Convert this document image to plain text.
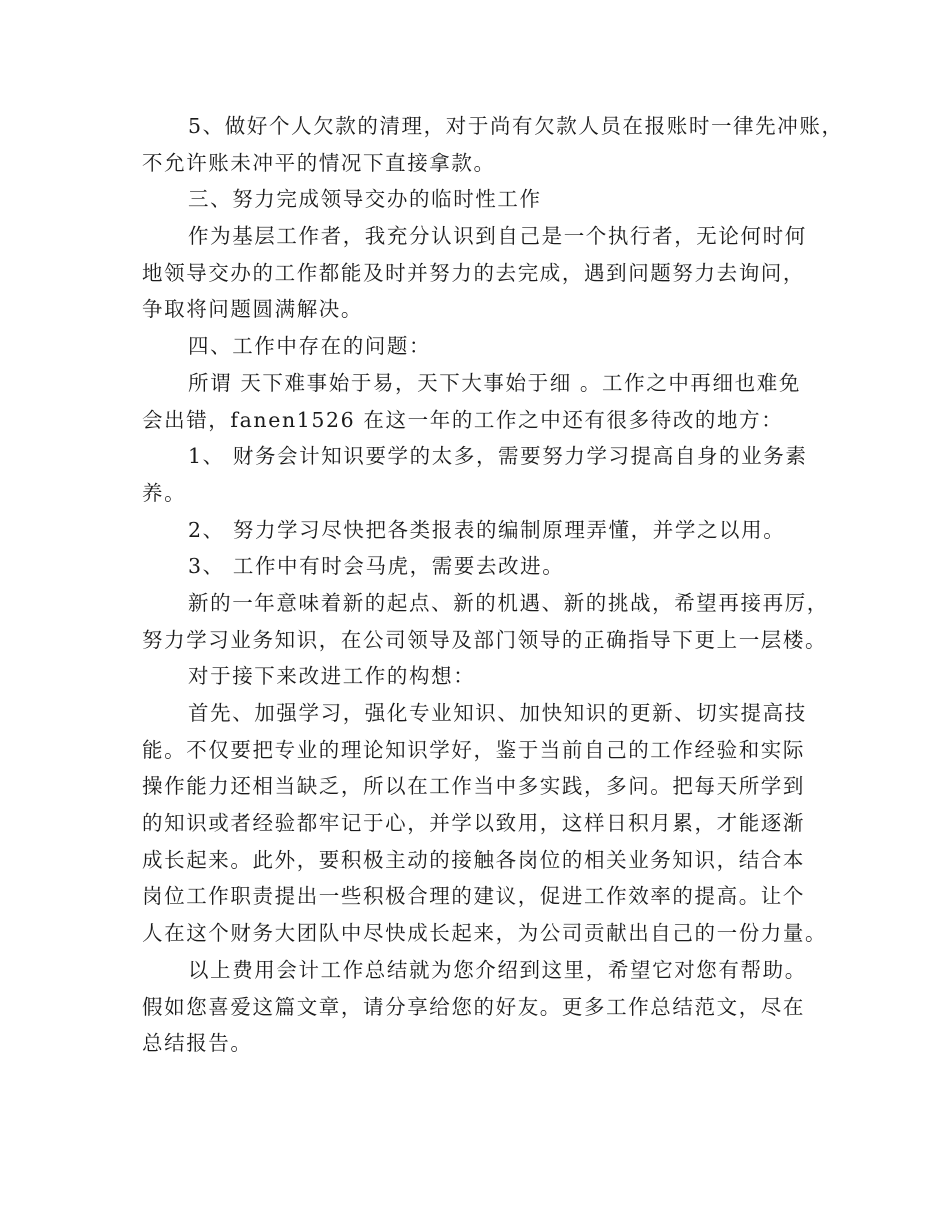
5、做好个人欠款的清理，对于尚有欠款人员在报账时一律先冲账，
不允许账未冲平的情况下直接拿款。
三、努力完成领导交办的临时性工作
作为基层工作者，我充分认识到自己是一个执行者，无论何时何
地领导交办的工作都能及时并努力的去完成，遇到问题努力去询问，
争取将问题圆满解决。
四、工作中存在的问题：
所谓 天下难事始于易，天下大事始于细 。工作之中再细也难免
会出错，fanen1526 在这一年的工作之中还有很多待改的地方：
1、 财务会计知识要学的太多，需要努力学习提高自身的业务素
养。
2、 努力学习尽快把各类报表的编制原理弄懂，并学之以用。
3、 工作中有时会马虎，需要去改进。
新的一年意味着新的起点、新的机遇、新的挑战，希望再接再厉，
努力学习业务知识，在公司领导及部门领导的正确指导下更上一层楼。
对于接下来改进工作的构想：
首先、加强学习，强化专业知识、加快知识的更新、切实提高技
能。不仅要把专业的理论知识学好，鉴于当前自己的工作经验和实际
操作能力还相当缺乏，所以在工作当中多实践，多问。把每天所学到
的知识或者经验都牢记于心，并学以致用，这样日积月累，才能逐渐
成长起来。此外，要积极主动的接触各岗位的相关业务知识，结合本
岗位工作职责提出一些积极合理的建议，促进工作效率的提高。让个
人在这个财务大团队中尽快成长起来，为公司贡献出自己的一份力量。
以上费用会计工作总结就为您介绍到这里，希望它对您有帮助。
假如您喜爱这篇文章，请分享给您的好友。更多工作总结范文，尽在
总结报告。
